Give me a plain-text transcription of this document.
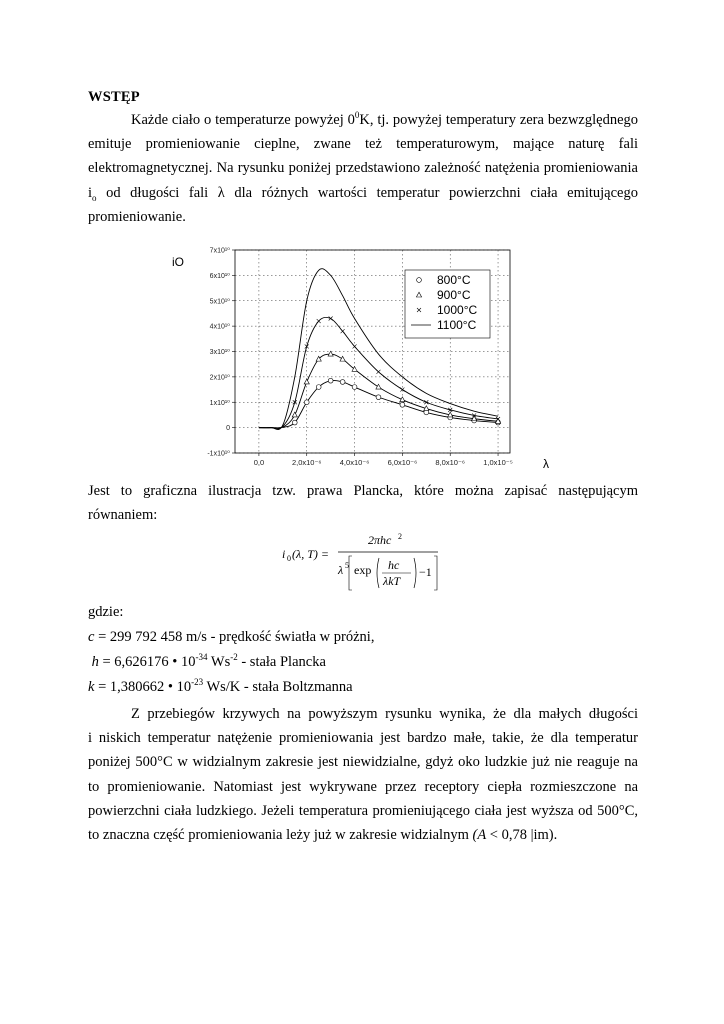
WSTĘP
Każde ciało o temperaturze powyżej $0^0K$, tj. powyżej temperatury zera bezwzględnego
emituje promieniowanie cieplne, zwane też temperaturowym, mające naturę fali
elektromagnetycznej. Na rysunku poniżej przedstawiono zależność natężenia promieniowania
$i_o$ od długości fali λ dla różnych wartości temperatur powierzchni ciała emitującego
promieniowanie.
0,0	2,0x10⁻⁶ 4,0x10⁻⁶ 6,0x10⁻⁶ 8,0x10⁻⁶ 1,0x10⁻⁵
7x10¹⁰
6x10¹⁰
5x10¹⁰
4x10¹⁰
3x10¹⁰
2x10¹⁰
1x10¹⁰
0
-1x10¹⁰
iO
λ
800°C
900°C
1000°C
1100°C
Jest to graficzna ilustracja tzw. prawa Plancka, które można zapisać następującym
równaniem:
i 0 (λ, T) =
2πhc 2
λ 5 exp hc
λkT
−1
gdzie:
c = 299 792 458 m/s - prędkość światła w próżni,
h = 6,626176 • $10^{-34}$ $Ws^{-2}$ - stała Plancka
k = 1,380662 • $10^{-23}$ Ws/K - stała Boltzmanna
Z przebiegów krzywych na powyższym rysunku wynika, że dla małych długości
i niskich temperatur natężenie promieniowania jest bardzo małe, takie, że dla temperatur
poniżej 500°C w widzialnym zakresie jest niewidzialne, gdyż oko ludzkie już nie reaguje na
to promieniowanie. Natomiast jest wykrywane przez receptory ciepła rozmieszczone na
powierzchni ciała ludzkiego. Jeżeli temperatura promieniującego ciała jest wyższa od 500°C,
to znaczna część promieniowania leży już w zakresie widzialnym (A < 0,78 |im).
